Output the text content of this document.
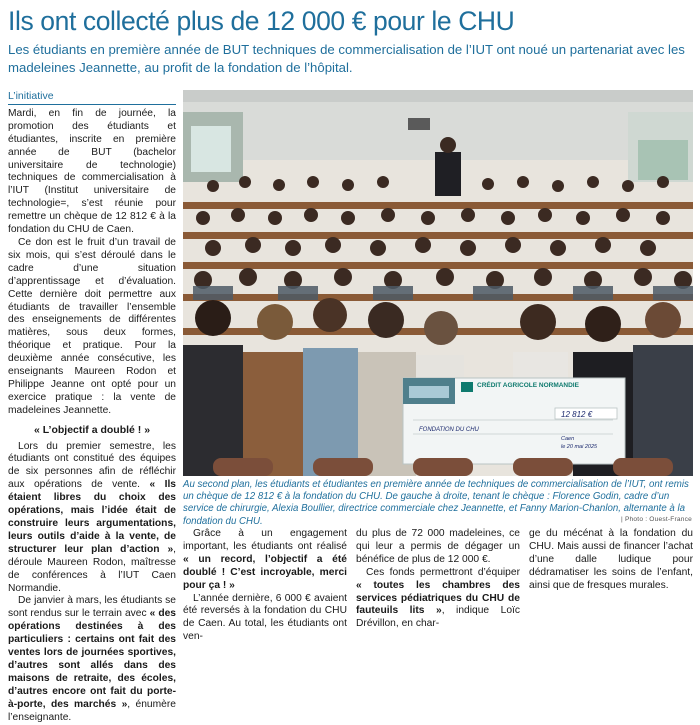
Ils ont collecté plus de 12 000 € pour le CHU
Les étudiants en première année de BUT techniques de commercialisation de l’IUT ont noué un partenariat avec les madeleines Jeannette, au profit de la fondation de l’hôpital.
L’initiative

Mardi, en fin de journée, la promotion des étudiants et étudiantes, inscrite en première année de BUT (bachelor universitaire de technologie) techniques de commercialisation à l’IUT (Institut universitaire de technologie=, s’est réunie pour remettre un chèque de 12 812 € à la fondation du CHU de Caen.

Ce don est le fruit d’un travail de six mois, qui s’est déroulé dans le cadre d’une situation d’apprentissage et d’évaluation. Cette dernière doit permettre aux étudiants de travailler l’ensemble des enseignements de différentes matières, sous deux formes, théorique et pratique. Pour la deuxième année consécutive, les enseignants Maureen Rodon et Philippe Jeanne ont opté pour un exercice pratique : la vente de madeleines Jeannette.

« L’objectif a doublé ! »

Lors du premier semestre, les étudiants ont constitué des équipes de six personnes afin de réfléchir aux opérations de vente. « Ils étaient libres du choix des opérations, mais l’idée était de construire leurs argumentations, leurs outils d’aide à la vente, de structurer leur plan d’action », déroule Maureen Rodon, maîtresse de conférences à l’IUT Caen Normandie.

De janvier à mars, les étudiants se sont rendus sur le terrain avec « des opérations destinées à des particuliers : certains ont fait des ventes lors de journées sportives, d’autres sont allés dans des maisons de retraite, des écoles, d’autres encore ont fait du porte-à-porte, des marchés », énumère l’enseignante.

CRÉDIT AGRICOLE NORMANDIE
FONDATION DU CHU
12 812 €
Caen
le 20 mai 2025
Au second plan, les étudiants et étudiantes en première année de techniques de commercialisation de l’IUT, ont remis un chèque de 12 812 € à la fondation du CHU. De gauche à droite, tenant le chèque : Florence Godin, cadre d’un service de chirurgie, Alexia Boullier, directrice commerciale chez Jeannette, et Fanny Marion-Chanlon, alternante à la fondation du CHU.	| Photo : Ouest-France

Grâce à un engagement important, les étudiants ont réalisé « un record, l’objectif a été doublé ! C’est incroyable, merci pour ça ! »

L’année dernière, 6 000 € avaient été reversés à la fondation du CHU de Caen. Au total, les étudiants ont ven-

du plus de 72 000 madeleines, ce qui leur a permis de dégager un bénéfice de plus de 12 000 €.

Ces fonds permettront d’équiper « toutes les chambres des services pédiatriques du CHU de fauteuils lits », indique Loïc Drévillon, en char-

ge du mécénat à la fondation du CHU. Mais aussi de financer l’achat d’une dalle ludique pour dédramatiser les soins de l’enfant, ainsi que de fresques murales.
